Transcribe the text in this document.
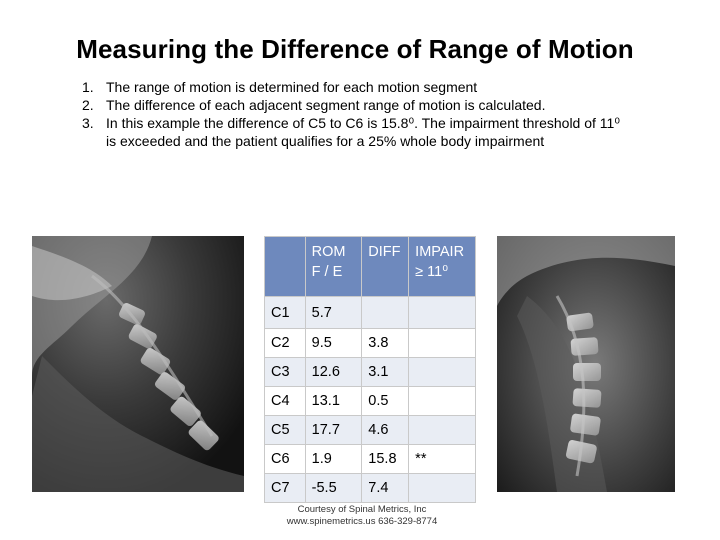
Measuring the Difference of Range of Motion
1. The range of motion is determined for each motion segment
2. The difference of each adjacent segment range of motion is calculated.
3. In this example the difference of C5 to C6 is 15.8⁰. The impairment threshold of 11⁰ is exceeded and the patient qualifies for a 25% whole body impairment
	ROM F / E	DIFF	IMPAIR ≥ 11⁰
C1	5.7		
C2	9.5	3.8	
C3	12.6	3.1	
C4	13.1	0.5	
C5	17.7	4.6	
C6	1.9	15.8	**
C7	-5.5	7.4	
Courtesy of Spinal Metrics, Inc
www.spinemetrics.us 636-329-8774
